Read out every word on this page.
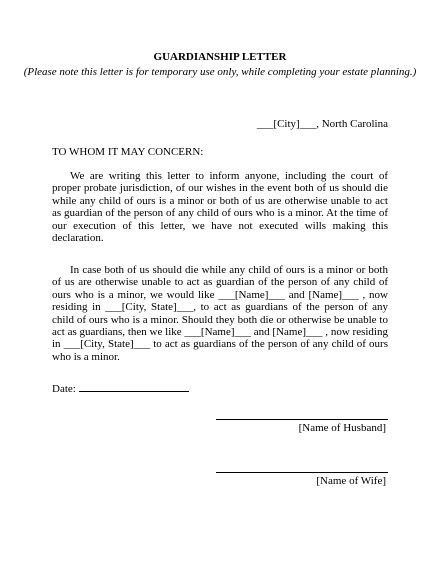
GUARDIANSHIP LETTER
(Please note this letter is for temporary use only, while completing your estate planning.)
___[City]___, North Carolina
TO WHOM IT MAY CONCERN:
We are writing this letter to inform anyone, including the court of proper probate jurisdiction, of our wishes in the event both of us should die while any child of ours is a minor or both of us are otherwise unable to act as guardian of the person of any child of ours who is a minor. At the time of our execution of this letter, we have not executed wills making this declaration.
In case both of us should die while any child of ours is a minor or both of us are otherwise unable to act as guardian of the person of any child of ours who is a minor, we would like ___[Name]___ and [Name]___ , now residing in ___[City, State]___, to act as guardians of the person of any child of ours who is a minor. Should they both die or otherwise be unable to act as guardians, then we like ___[Name]___ and [Name]___ , now residing in ___[City, State]___ to act as guardians of the person of any child of ours who is a minor.
Date:
[Name of Husband]
[Name of Wife]
